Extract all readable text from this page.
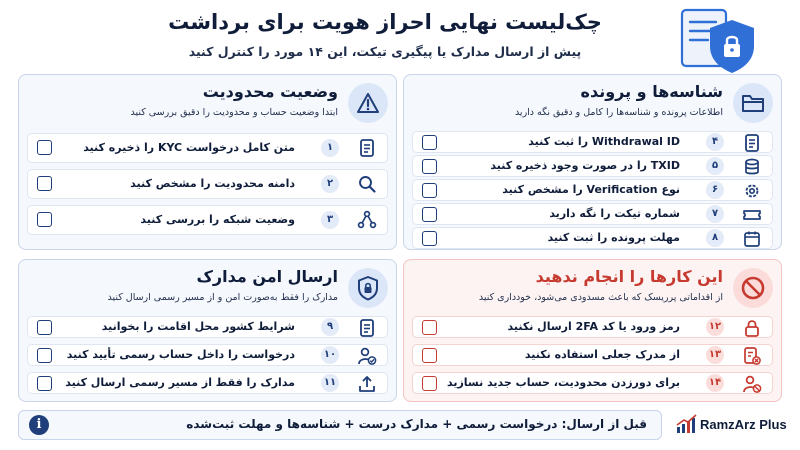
چک‌لیست نهایی احراز هویت برای برداشت
پیش از ارسال مدارک یا پیگیری تیکت، این ۱۴ مورد را کنترل کنید
شناسه‌ها و پرونده
اطلاعات پرونده و شناسه‌ها را کامل و دقیق نگه دارید
Withdrawal ID را ثبت کنید	۴
TXID را در صورت وجود ذخیره کنید	۵
نوع Verification را مشخص کنید	۶
شماره تیکت را نگه دارید	۷
مهلت پرونده را ثبت کنید	۸
وضعیت محدودیت
ابتدا وضعیت حساب و محدودیت را دقیق بررسی کنید
متن کامل درخواست KYC را ذخیره کنید	۱
دامنه محدودیت را مشخص کنید	۲
وضعیت شبکه را بررسی کنید	۳
این کارها را انجام ندهید
از اقداماتی پرریسک که باعث مسدودی می‌شود، خودداری کنید
رمز ورود یا کد 2FA ارسال نکنید	۱۲
از مدرک جعلی استفاده نکنید	۱۳
برای دورزدن محدودیت، حساب جدید نسازید	۱۴
ارسال امن مدارک
مدارک را فقط به‌صورت امن و از مسیر رسمی ارسال کنید
شرایط کشور محل اقامت را بخوانید	۹
درخواست را داخل حساب رسمی تأیید کنید	۱۰
مدارک را فقط از مسیر رسمی ارسال کنید	۱۱
i	قبل از ارسال: درخواست رسمی + مدارک درست + شناسه‌ها و مهلت ثبت‌شده	RamzArz Plus
